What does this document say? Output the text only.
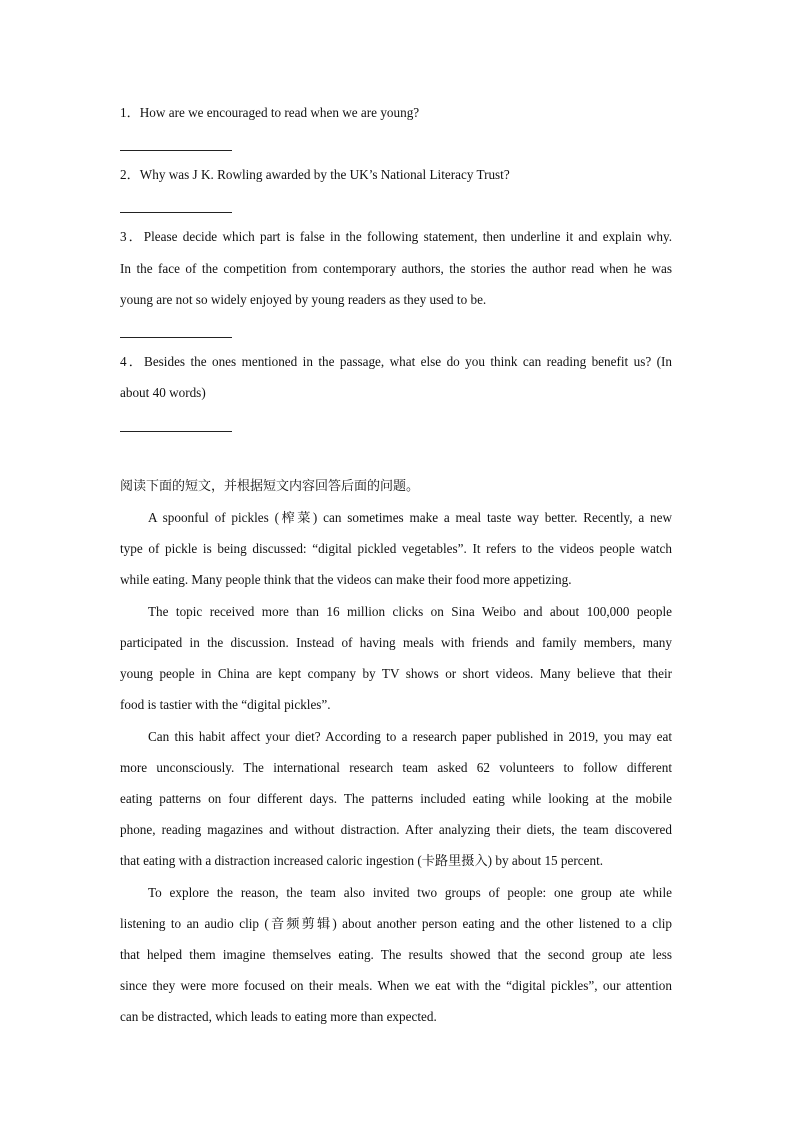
1．How are we encouraged to read when we are young?
2．Why was J K. Rowling awarded by the UK’s National Literacy Trust?
3．Please decide which part is false in the following statement, then underline it and explain why.
In the face of the competition from contemporary authors, the stories the author read when he was
young are not so widely enjoyed by young readers as they used to be.
4．Besides the ones mentioned in the passage, what else do you think can reading benefit us? (In
about 40 words)
阅读下面的短文，并根据短文内容回答后面的问题。
A spoonful of pickles (榨菜) can sometimes make a meal taste way better. Recently, a new
type of pickle is being discussed: “digital pickled vegetables”. It refers to the videos people watch
while eating. Many people think that the videos can make their food more appetizing.
The topic received more than 16 million clicks on Sina Weibo and about 100,000 people
participated in the discussion. Instead of having meals with friends and family members, many
young people in China are kept company by TV shows or short videos. Many believe that their
food is tastier with the “digital pickles”.
Can this habit affect your diet? According to a research paper published in 2019, you may eat
more unconsciously. The international research team asked 62 volunteers to follow different
eating patterns on four different days. The patterns included eating while looking at the mobile
phone, reading magazines and without distraction. After analyzing their diets, the team discovered
that eating with a distraction increased caloric ingestion (卡路里摄入) by about 15 percent.
To explore the reason, the team also invited two groups of people: one group ate while
listening to an audio clip (音频剪辑) about another person eating and the other listened to a clip
that helped them imagine themselves eating. The results showed that the second group ate less
since they were more focused on their meals. When we eat with the “digital pickles”, our attention
can be distracted, which leads to eating more than expected.
